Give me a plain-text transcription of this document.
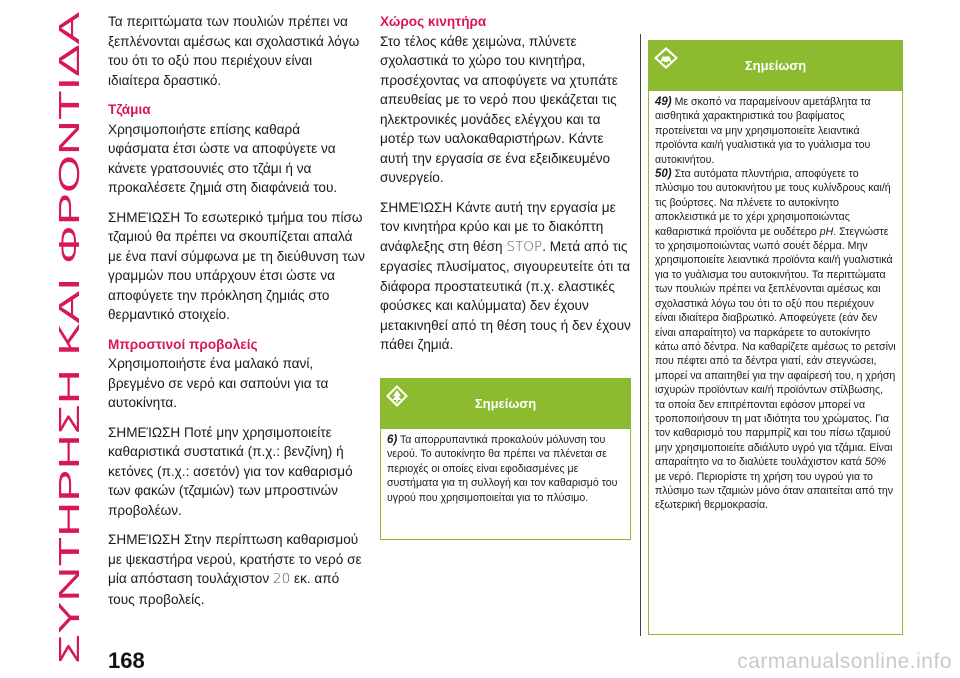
ΣΥΝΤΗΡΗΣΗ ΚΑΙ ΦΡΟΝΤΙΔΑ

Τα περιττώματα των πουλιών πρέπει να ξεπλένονται αμέσως και σχολαστικά λόγω του ότι το οξύ που περιέχουν είναι ιδιαίτερα δραστικό.

Τζάμια

Χρησιμοποιήστε επίσης καθαρά υφάσματα έτσι ώστε να αποφύγετε να κάνετε γρατσουνιές στο τζάμι ή να προκαλέσετε ζημιά στη διαφάνειά του.

ΣΗΜΕΊΩΣΗ Το εσωτερικό τμήμα του πίσω τζαμιού θα πρέπει να σκουπίζεται απαλά με ένα πανί σύμφωνα με τη διεύθυνση των γραμμών που υπάρχουν έτσι ώστε να αποφύγετε την πρόκληση ζημιάς στο θερμαντικό στοιχείο.

Μπροστινοί προβολείς

Χρησιμοποιήστε ένα μαλακό πανί, βρεγμένο σε νερό και σαπούνι για τα αυτοκίνητα.

ΣΗΜΕΊΩΣΗ Ποτέ μην χρησιμοποιείτε καθαριστικά συστατικά (π.χ.: βενζίνη) ή κετόνες (π.χ.: ασετόν) για τον καθαρισμό των φακών (τζαμιών) των μπροστινών προβολέων.

ΣΗΜΕΊΩΣΗ Στην περίπτωση καθαρισμού με ψεκαστήρα νερού, κρατήστε το νερό σε μία απόσταση τουλάχιστον 20 εκ. από τους προβολείς.

Χώρος κινητήρα

Στο τέλος κάθε χειμώνα, πλύνετε σχολαστικά το χώρο του κινητήρα, προσέχοντας να αποφύγετε να χτυπάτε απευθείας με το νερό που ψεκάζεται τις ηλεκτρονικές μονάδες ελέγχου και τα μοτέρ των υαλοκαθαριστήρων. Κάντε αυτή την εργασία σε ένα εξειδικευμένο συνεργείο.

ΣΗΜΕΊΩΣΗ Κάντε αυτή την εργασία με τον κινητήρα κρύο και με το διακόπτη ανάφλεξης στη θέση STOP. Μετά από τις εργασίες πλυσίματος, σιγουρευτείτε ότι τα διάφορα προστατευτικά (π.χ. ελαστικές φούσκες και καλύμματα) δεν έχουν μετακινηθεί από τη θέση τους ή δεν έχουν πάθει ζημιά.

Σημείωση

6) Τα απορρυπαντικά προκαλούν μόλυνση του νερού. Το αυτοκίνητο θα πρέπει να πλένεται σε περιοχές οι οποίες είναι εφοδιασμένες με συστήματα για τη συλλογή και τον καθαρισμό του υγρού που χρησιμοποιείται για το πλύσιμο.

Σημείωση

49) Με σκοπό να παραμείνουν αμετάβλητα τα αισθητικά χαρακτηριστικά του βαφίματος προτείνεται να μην χρησιμοποιείτε λειαντικά προϊόντα και/ή γυαλιστικά για το γυάλισμα του αυτοκινήτου.

50) Στα αυτόματα πλυντήρια, αποφύγετε το πλύσιμο του αυτοκινήτου με τους κυλίνδρους και/ή τις βούρτσες. Να πλένετε το αυτοκίνητο αποκλειστικά με το χέρι χρησιμοποιώντας καθαριστικά προϊόντα με ουδέτερο pH. Στεγνώστε το χρησιμοποιώντας νωπό σουέτ δέρμα. Μην χρησιμοποιείτε λειαντικά προϊόντα και/ή γυαλιστικά για το γυάλισμα του αυτοκινήτου. Τα περιττώματα των πουλιών πρέπει να ξεπλένονται αμέσως και σχολαστικά λόγω του ότι το οξύ που περιέχουν είναι ιδιαίτερα διαβρωτικό. Αποφεύγετε (εάν δεν είναι απαραίτητο) να παρκάρετε το αυτοκίνητο κάτω από δέντρα. Να καθαρίζετε αμέσως το ρετσίνι που πέφτει από τα δέντρα γιατί, εάν στεγνώσει, μπορεί να απαιτηθεί για την αφαίρεσή του, η χρήση ισχυρών προϊόντων και/ή προϊόντων στίλβωσης, τα οποία δεν επιτρέπονται εφόσον μπορεί να τροποποιήσουν τη ματ ιδιότητα του χρώματος. Για τον καθαρισμό του παρμπρίζ και του πίσω τζαμιού μην χρησιμοποιείτε αδιάλυτο υγρό για τζάμια. Είναι απαραίτητο να το διαλύετε τουλάχιστον κατά 50% με νερό. Περιορίστε τη χρήση του υγρού για το πλύσιμο των τζαμιών μόνο όταν απαιτείται από την εξωτερική θερμοκρασία.

168	carmanualsonline.info
